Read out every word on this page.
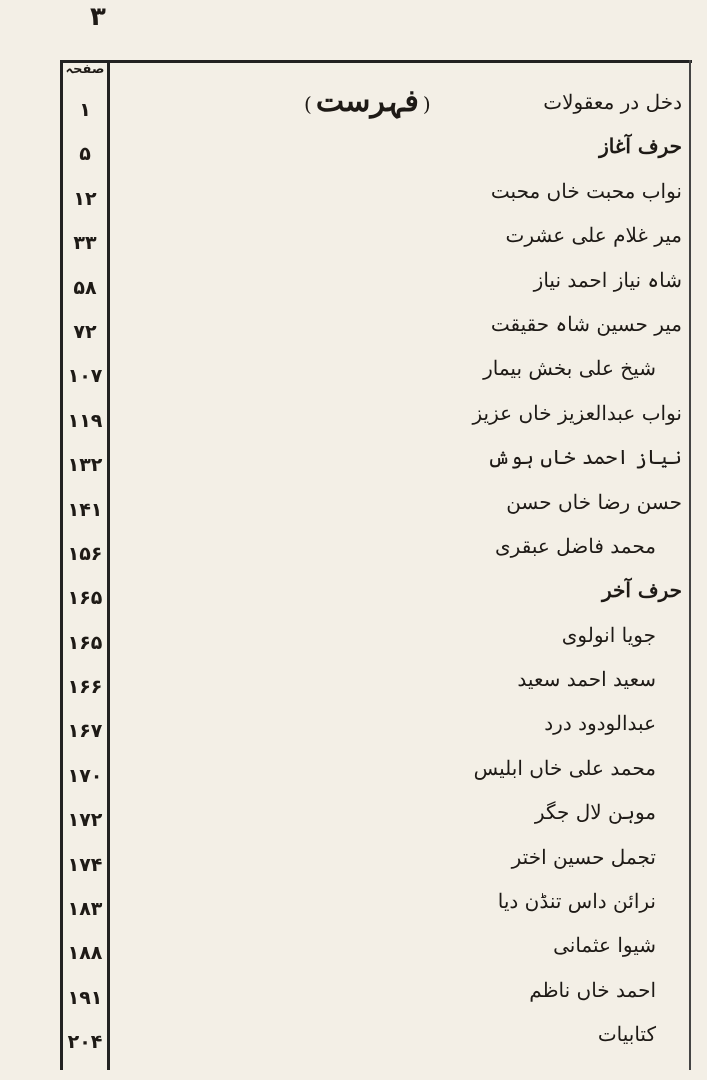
۳
صفحہ
(فہرست)
۱
۵
۱۲
۳۳
۵۸
۷۲
۱۰۷
۱۱۹
۱۳۲
۱۴۱
۱۵۶
۱۶۵
۱۶۵
۱۶۶
۱۶۷
۱۷۰
۱۷۲
۱۷۴
۱۸۳
۱۸۸
۱۹۱
۲۰۴
دخل در معقولات
حرف آغاز
نواب محبت خاں محبت
میر غلام علی عشرت
شاہ نیاز احمد نیاز
میر حسین شاہ حقیقت
شیخ علی بخش بیمار
نواب عبدالعزیز خاں عزیز
نیاز احمد خاں ہوش
حسن رضا خاں حسن
محمد فاضل عبقری
حرف آخر
جویا انولوی
سعید احمد سعید
عبدالودود درد
محمد علی خاں ابلیس
موہن لال جگر
تجمل حسین اختر
نرائن داس تنڈن دیا
شیوا عثمانی
احمد خاں ناظم
کتابیات
